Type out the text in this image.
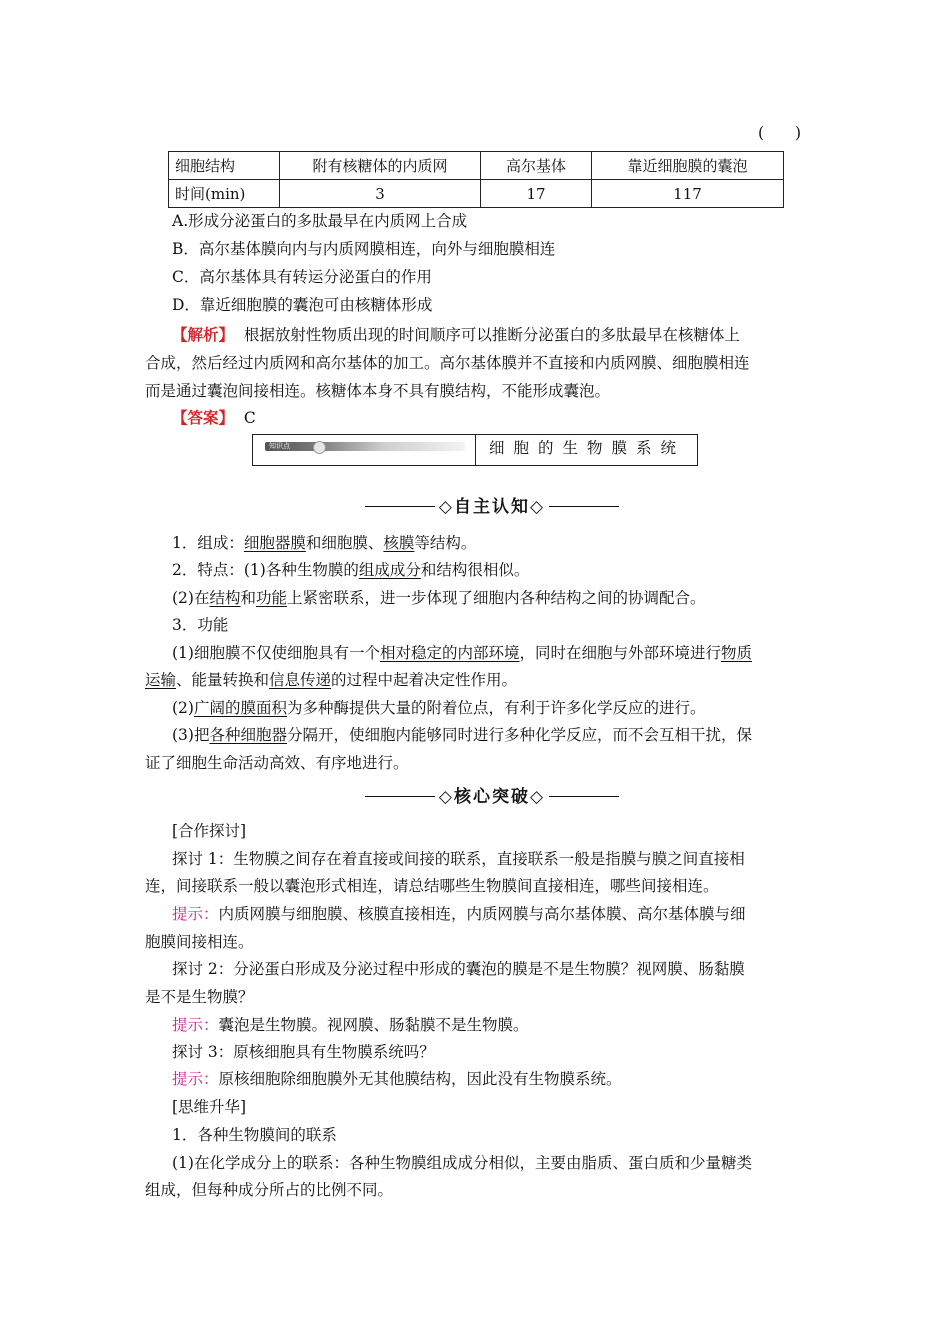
(　　)
细胞结构	附有核糖体的内质网	高尔基体	靠近细胞膜的囊泡
时间(min)	3	17	117
A.形成分泌蛋白的多肽最早在内质网上合成
B．高尔基体膜向内与内质网膜相连，向外与细胞膜相连
C．高尔基体具有转运分泌蛋白的作用
D．靠近细胞膜的囊泡可由核糖体形成
【解析】 根据放射性物质出现的时间顺序可以推断分泌蛋白的多肽最早在核糖体上
合成，然后经过内质网和高尔基体的加工。高尔基体膜并不直接和内质网膜、细胞膜相连
而是通过囊泡间接相连。核糖体本身不具有膜结构，不能形成囊泡。
【答案】 C
知识点	细胞的生物膜系统
◇自主认知◇
1．组成：细胞器膜和细胞膜、核膜等结构。
2．特点：(1)各种生物膜的组成成分和结构很相似。
(2)在结构和功能上紧密联系，进一步体现了细胞内各种结构之间的协调配合。
3．功能
(1)细胞膜不仅使细胞具有一个相对稳定的内部环境，同时在细胞与外部环境进行物质
运输、能量转换和信息传递的过程中起着决定性作用。
(2)广阔的膜面积为多种酶提供大量的附着位点，有利于许多化学反应的进行。
(3)把各种细胞器分隔开，使细胞内能够同时进行多种化学反应，而不会互相干扰，保
证了细胞生命活动高效、有序地进行。
◇核心突破◇
[合作探讨]
探讨 1：生物膜之间存在着直接或间接的联系，直接联系一般是指膜与膜之间直接相
连，间接联系一般以囊泡形式相连，请总结哪些生物膜间直接相连，哪些间接相连。
提示：内质网膜与细胞膜、核膜直接相连，内质网膜与高尔基体膜、高尔基体膜与细
胞膜间接相连。
探讨 2：分泌蛋白形成及分泌过程中形成的囊泡的膜是不是生物膜？视网膜、肠黏膜
是不是生物膜？
提示：囊泡是生物膜。视网膜、肠黏膜不是生物膜。
探讨 3：原核细胞具有生物膜系统吗？
提示：原核细胞除细胞膜外无其他膜结构，因此没有生物膜系统。
[思维升华]
1．各种生物膜间的联系
(1)在化学成分上的联系：各种生物膜组成成分相似，主要由脂质、蛋白质和少量糖类
组成，但每种成分所占的比例不同。
